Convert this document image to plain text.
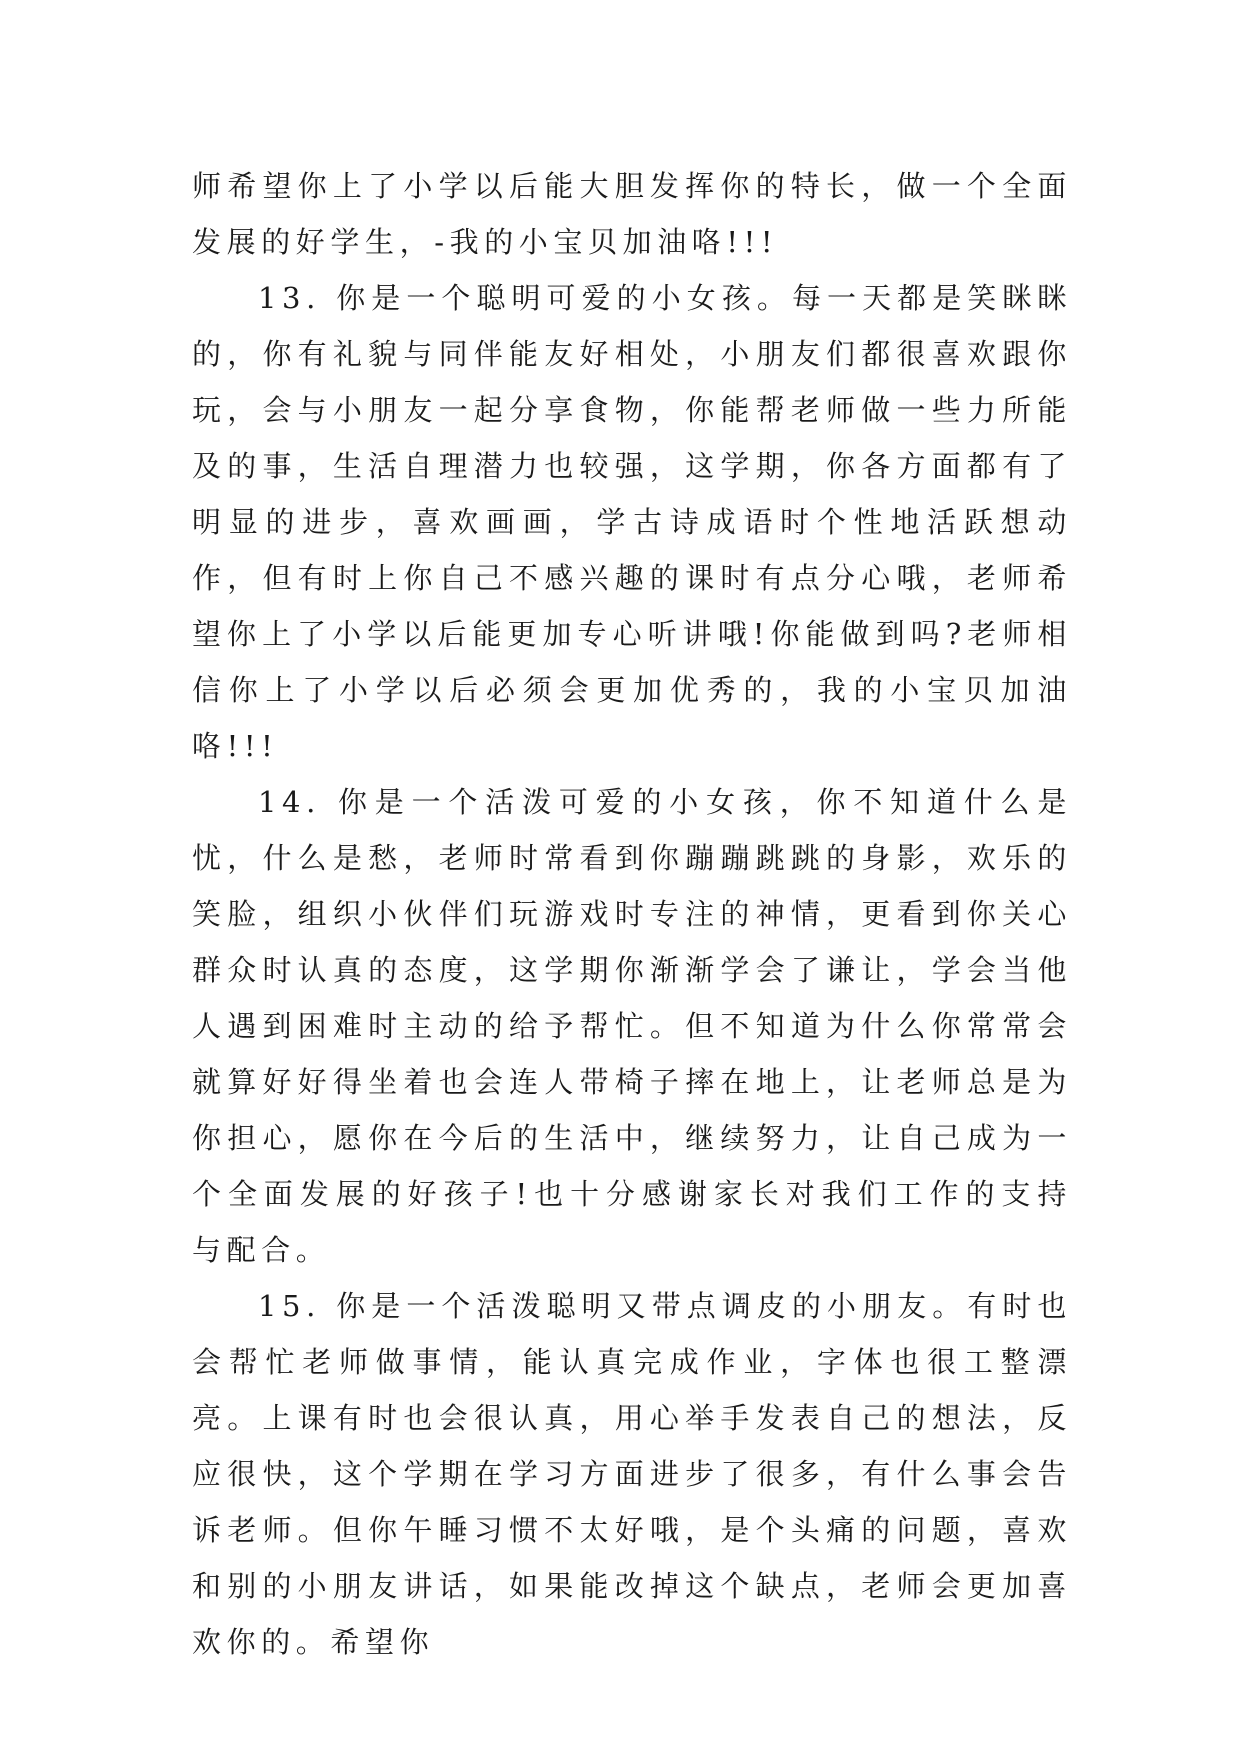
师希望你上了小学以后能大胆发挥你的特长，做一个全面发展的好学生，-我的小宝贝加油咯!!!

13. 你是一个聪明可爱的小女孩。每一天都是笑眯眯的，你有礼貌与同伴能友好相处，小朋友们都很喜欢跟你玩，会与小朋友一起分享食物，你能帮老师做一些力所能及的事，生活自理潜力也较强，这学期，你各方面都有了明显的进步，喜欢画画，学古诗成语时个性地活跃想动作，但有时上你自己不感兴趣的课时有点分心哦，老师希望你上了小学以后能更加专心听讲哦!你能做到吗?老师相信你上了小学以后必须会更加优秀的，我的小宝贝加油咯!!!

14. 你是一个活泼可爱的小女孩，你不知道什么是忧，什么是愁，老师时常看到你蹦蹦跳跳的身影，欢乐的笑脸，组织小伙伴们玩游戏时专注的神情，更看到你关心群众时认真的态度，这学期你渐渐学会了谦让，学会当他人遇到困难时主动的给予帮忙。但不知道为什么你常常会就算好好得坐着也会连人带椅子摔在地上，让老师总是为你担心，愿你在今后的生活中，继续努力，让自己成为一个全面发展的好孩子!也十分感谢家长对我们工作的支持与配合。

15. 你是一个活泼聪明又带点调皮的小朋友。有时也会帮忙老师做事情，能认真完成作业，字体也很工整漂亮。上课有时也会很认真，用心举手发表自己的想法，反应很快，这个学期在学习方面进步了很多，有什么事会告诉老师。但你午睡习惯不太好哦，是个头痛的问题，喜欢和别的小朋友讲话，如果能改掉这个缺点，老师会更加喜欢你的。希望你
